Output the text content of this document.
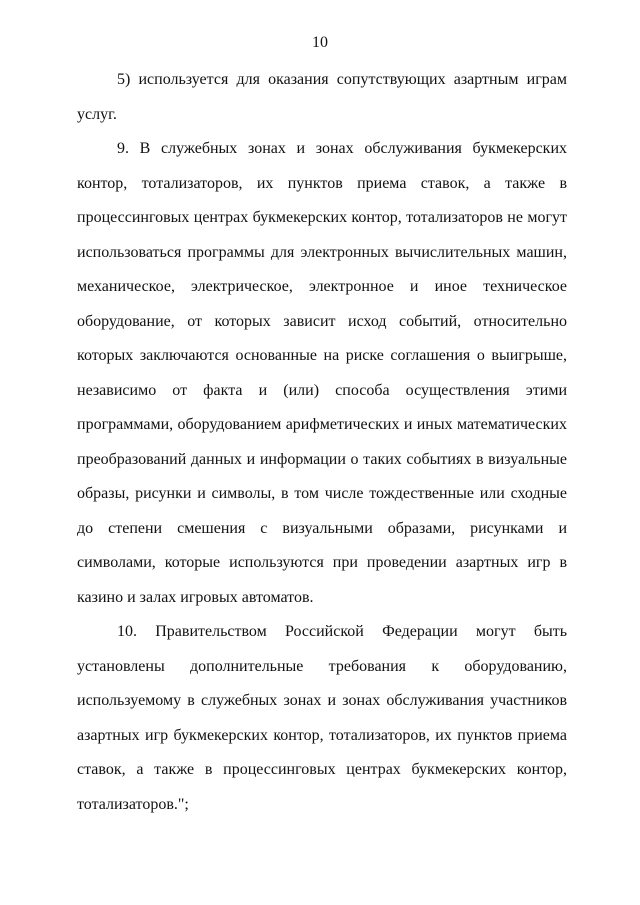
10

5) используется для оказания сопутствующих азартным играм услуг.

9. В служебных зонах и зонах обслуживания букмекерских контор, тотализаторов, их пунктов приема ставок, а также в процессинговых центрах букмекерских контор, тотализаторов не могут использоваться программы для электронных вычислительных машин, механическое, электрическое, электронное и иное техническое оборудование, от которых зависит исход событий, относительно которых заключаются основанные на риске соглашения о выигрыше, независимо от факта и (или) способа осуществления этими программами, оборудованием арифметических и иных математических преобразований данных и информации о таких событиях в визуальные образы, рисунки и символы, в том числе тождественные или сходные до степени смешения с визуальными образами, рисунками и символами, которые используются при проведении азартных игр в казино и залах игровых автоматов.

10. Правительством Российской Федерации могут быть установлены дополнительные требования к оборудованию, используемому в служебных зонах и зонах обслуживания участников азартных игр букмекерских контор, тотализаторов, их пунктов приема ставок, а также в процессинговых центрах букмекерских контор, тотализаторов.";
